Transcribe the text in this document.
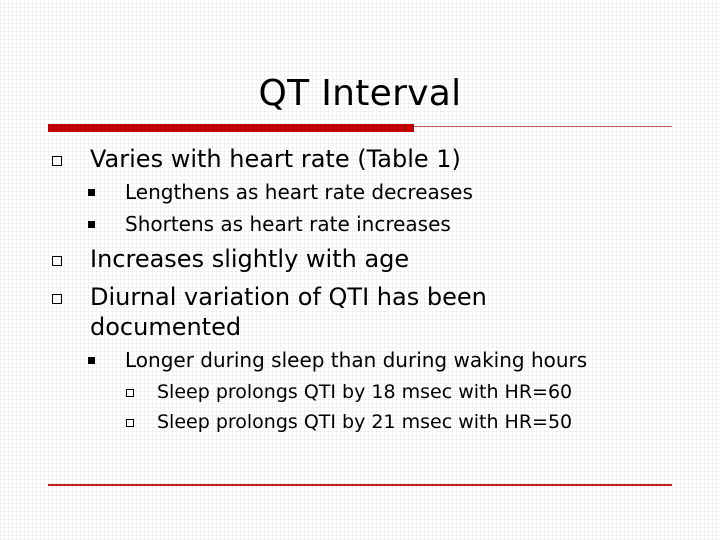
QT Interval
Varies with heart rate (Table 1)
Lengthens as heart rate decreases
Shortens as heart rate increases
Increases slightly with age
Diurnal variation of QTI has been
documented
Longer during sleep than during waking hours
Sleep prolongs QTI by 18 msec with HR=60
Sleep prolongs QTI by 21 msec with HR=50
